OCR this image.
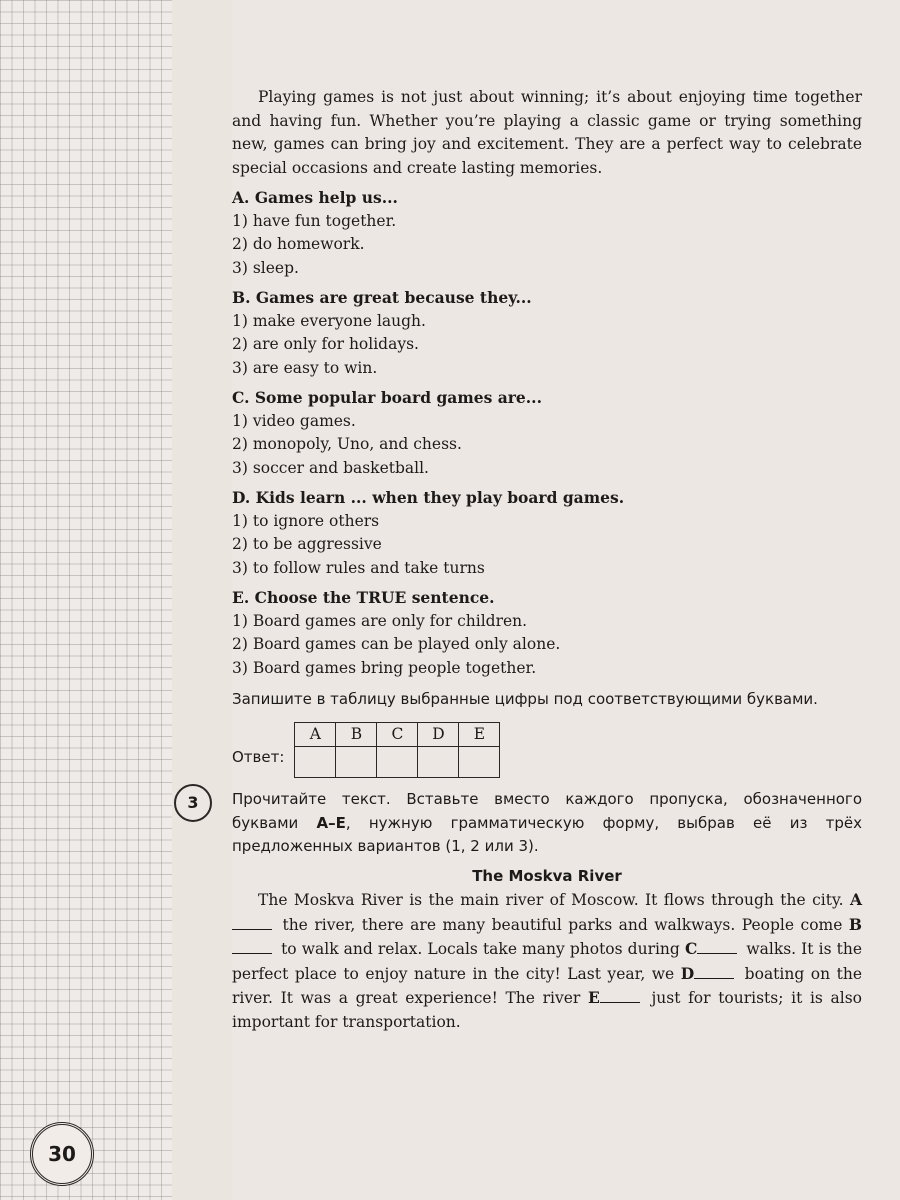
30

Playing games is not just about winning; it’s about enjoying time together and having fun. Whether you’re playing a classic game or trying something new, games can bring joy and excitement. They are a perfect way to celebrate special occasions and create lasting memories.

A. Games help us...
1) have fun together.
2) do homework.
3) sleep.
B. Games are great because they...
1) make everyone laugh.
2) are only for holidays.
3) are easy to win.
C. Some popular board games are...
1) video games.
2) monopoly, Uno, and chess.
3) soccer and basketball.
D. Kids learn ... when they play board games.
1) to ignore others
2) to be aggressive
3) to follow rules and take turns
E. Choose the TRUE sentence.
1) Board games are only for children.
2) Board games can be played only alone.
3) Board games bring people together.
Запишите в таблицу выбранные цифры под соответствующими буквами.
Ответ:
A	B	C	D	E

3	Прочитайте текст. Вставьте вместо каждого пропуска, обозначенного буквами A–E, нужную грамматическую форму, выбрав её из трёх предложенных вариантов (1, 2 или 3).
The Moskva River
The Moskva River is the main river of Moscow. It flows through the city. A the river, there are many beautiful parks and walkways. People come B to walk and relax. Locals take many photos during C	walks. It is the perfect place to enjoy nature in the city! Last year, we D	boating on the river. It was a great experience! The river E	just for tourists; it is also important for transportation.
